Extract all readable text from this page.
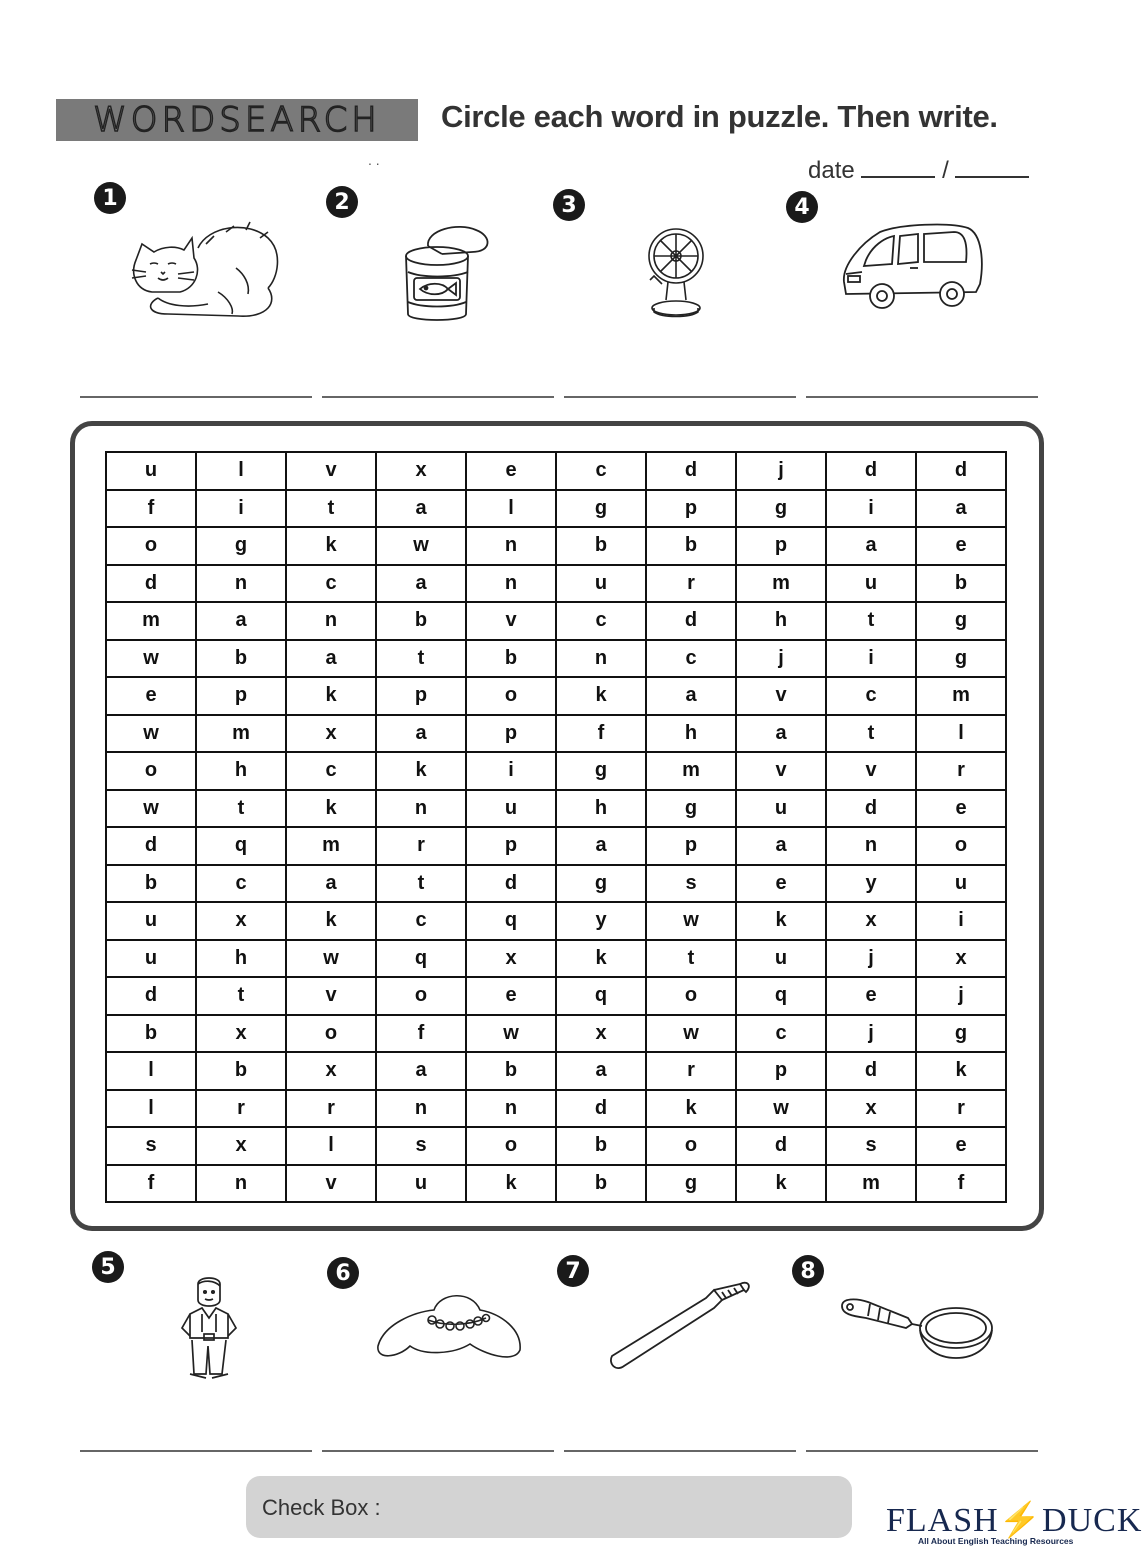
WORDSEARCH Circle each word in puzzle. Then write.
. .	date	/
1	2	3	4
u	l	v	x	e	c	d	j	d	d
f	i	t	a	l	g	p	g	i	a
o	g	k	w	n	b	b	p	a	e
d	n	c	a	n	u	r	m	u	b
m	a	n	b	v	c	d	h	t	g
w	b	a	t	b	n	c	j	i	g
e	p	k	p	o	k	a	v	c	m
w	m	x	a	p	f	h	a	t	l
o	h	c	k	i	g	m	v	v	r
w	t	k	n	u	h	g	u	d	e
d	q	m	r	p	a	p	a	n	o
b	c	a	t	d	g	s	e	y	u
u	x	k	c	q	y	w	k	x	i
u	h	w	q	x	k	t	u	j	x
d	t	v	o	e	q	o	q	e	j
b	x	o	f	w	x	w	c	j	g
l	b	x	a	b	a	r	p	d	k
l	r	r	n	n	d	k	w	x	r
s	x	l	s	o	b	o	d	s	e
f	n	v	u	k	b	g	k	m	f
5	6	7	8
Check Box :	FLASH⚡DUCK
All About English Teaching Resources
